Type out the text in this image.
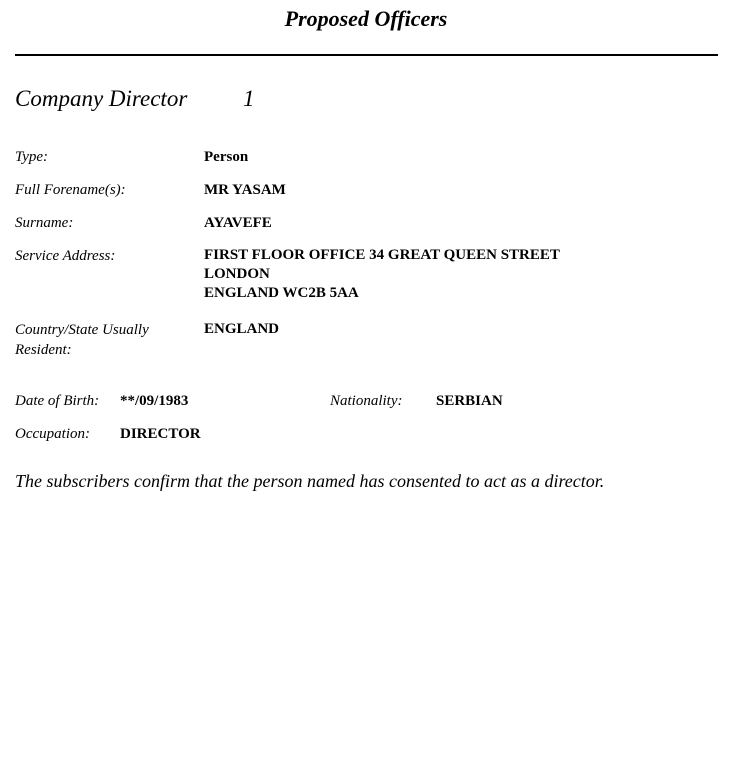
Proposed Officers
Company Director 1
Type:	Person
Full Forename(s):	MR YASAM
Surname:	AYAVEFE
Service Address:	FIRST FLOOR OFFICE 34 GREAT QUEEN STREET
LONDON
ENGLAND WC2B 5AA
Country/State Usually
Resident:
ENGLAND
Date of Birth: **/09/1983	Nationality: SERBIAN
Occupation: DIRECTOR
The subscribers confirm that the person named has consented to act as a director.
